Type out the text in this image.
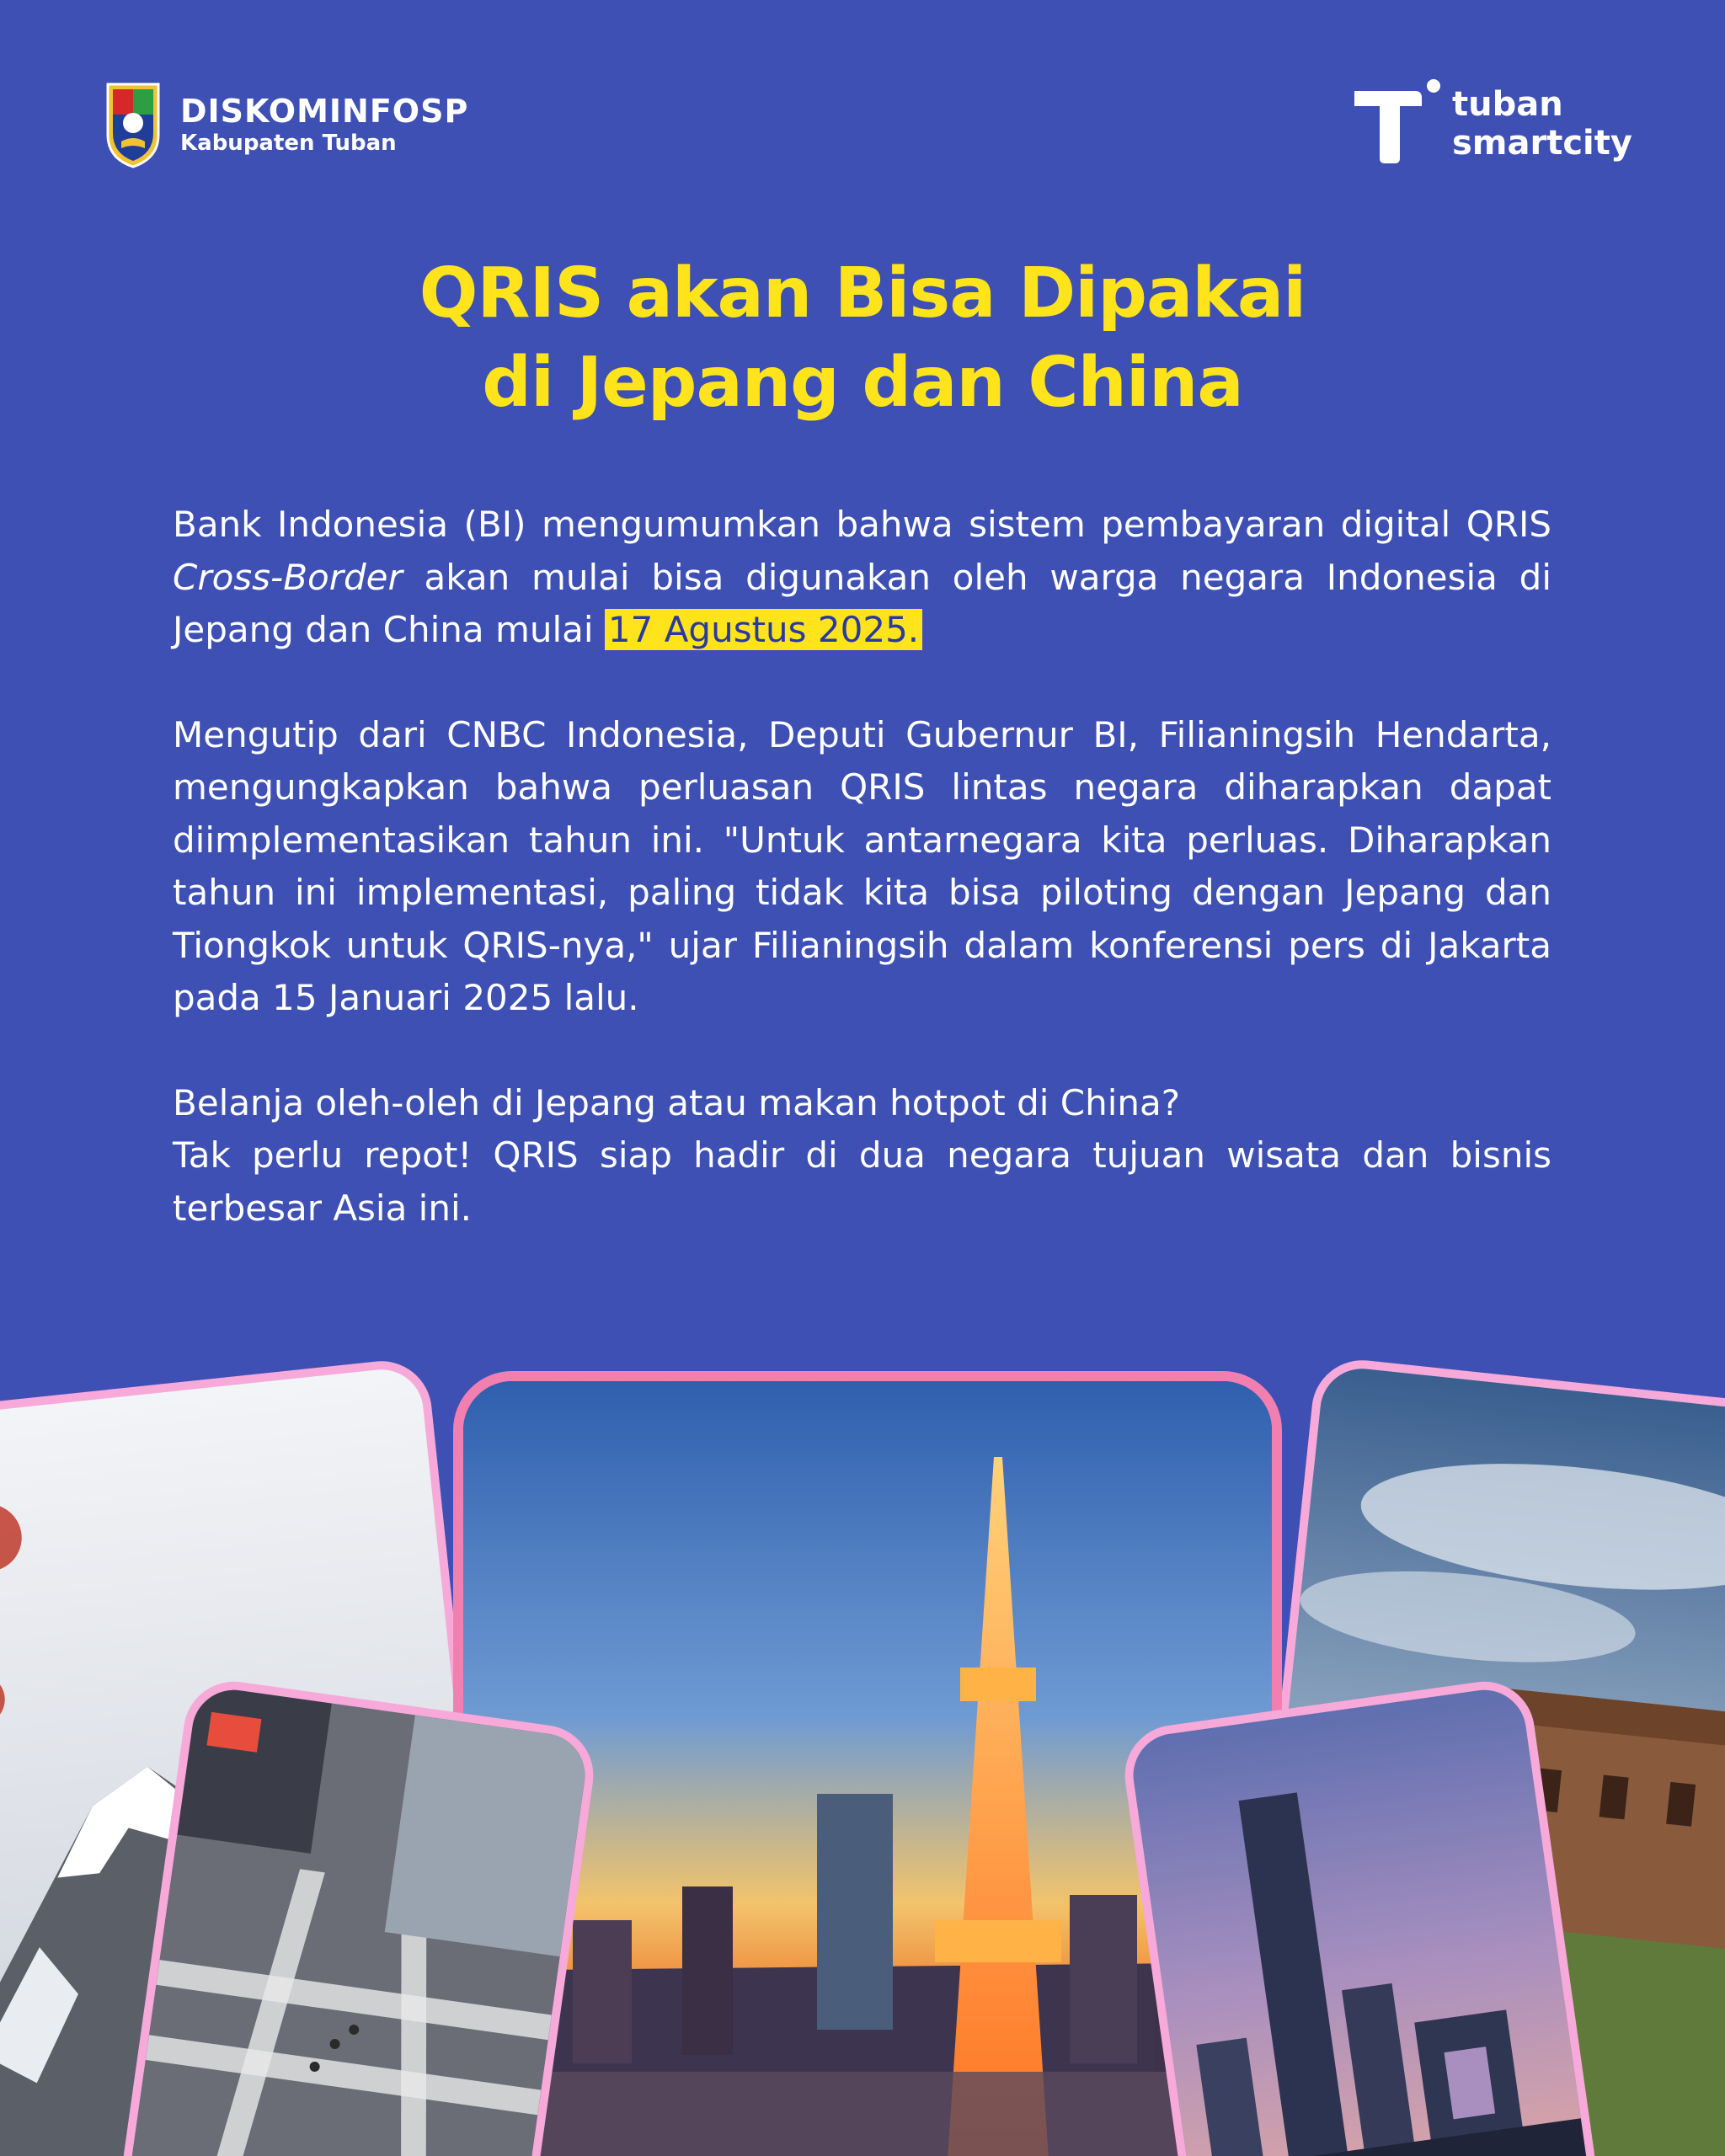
DISKOMINFOSP
Kabupaten Tuban
tuban
smartcity
QRIS akan Bisa Dipakai
di Jepang dan China

Bank Indonesia (BI) mengumumkan bahwa sistem pembayaran digital QRIS Cross-Border akan mulai bisa digunakan oleh warga negara Indonesia di Jepang dan China mulai 17 Agustus 2025.

Mengutip dari CNBC Indonesia, Deputi Gubernur BI, Filianingsih Hendarta, mengungkapkan bahwa perluasan QRIS lintas negara diharapkan dapat diimplementasikan tahun ini. "Untuk antarnegara kita perluas. Diharapkan tahun ini implementasi, paling tidak kita bisa piloting dengan Jepang dan Tiongkok untuk QRIS-nya," ujar Filianingsih dalam konferensi pers di Jakarta pada 15 Januari 2025 lalu.

Belanja oleh-oleh di Jepang atau makan hotpot di China?
Tak perlu repot! QRIS siap hadir di dua negara tujuan wisata dan bisnis terbesar Asia ini.
